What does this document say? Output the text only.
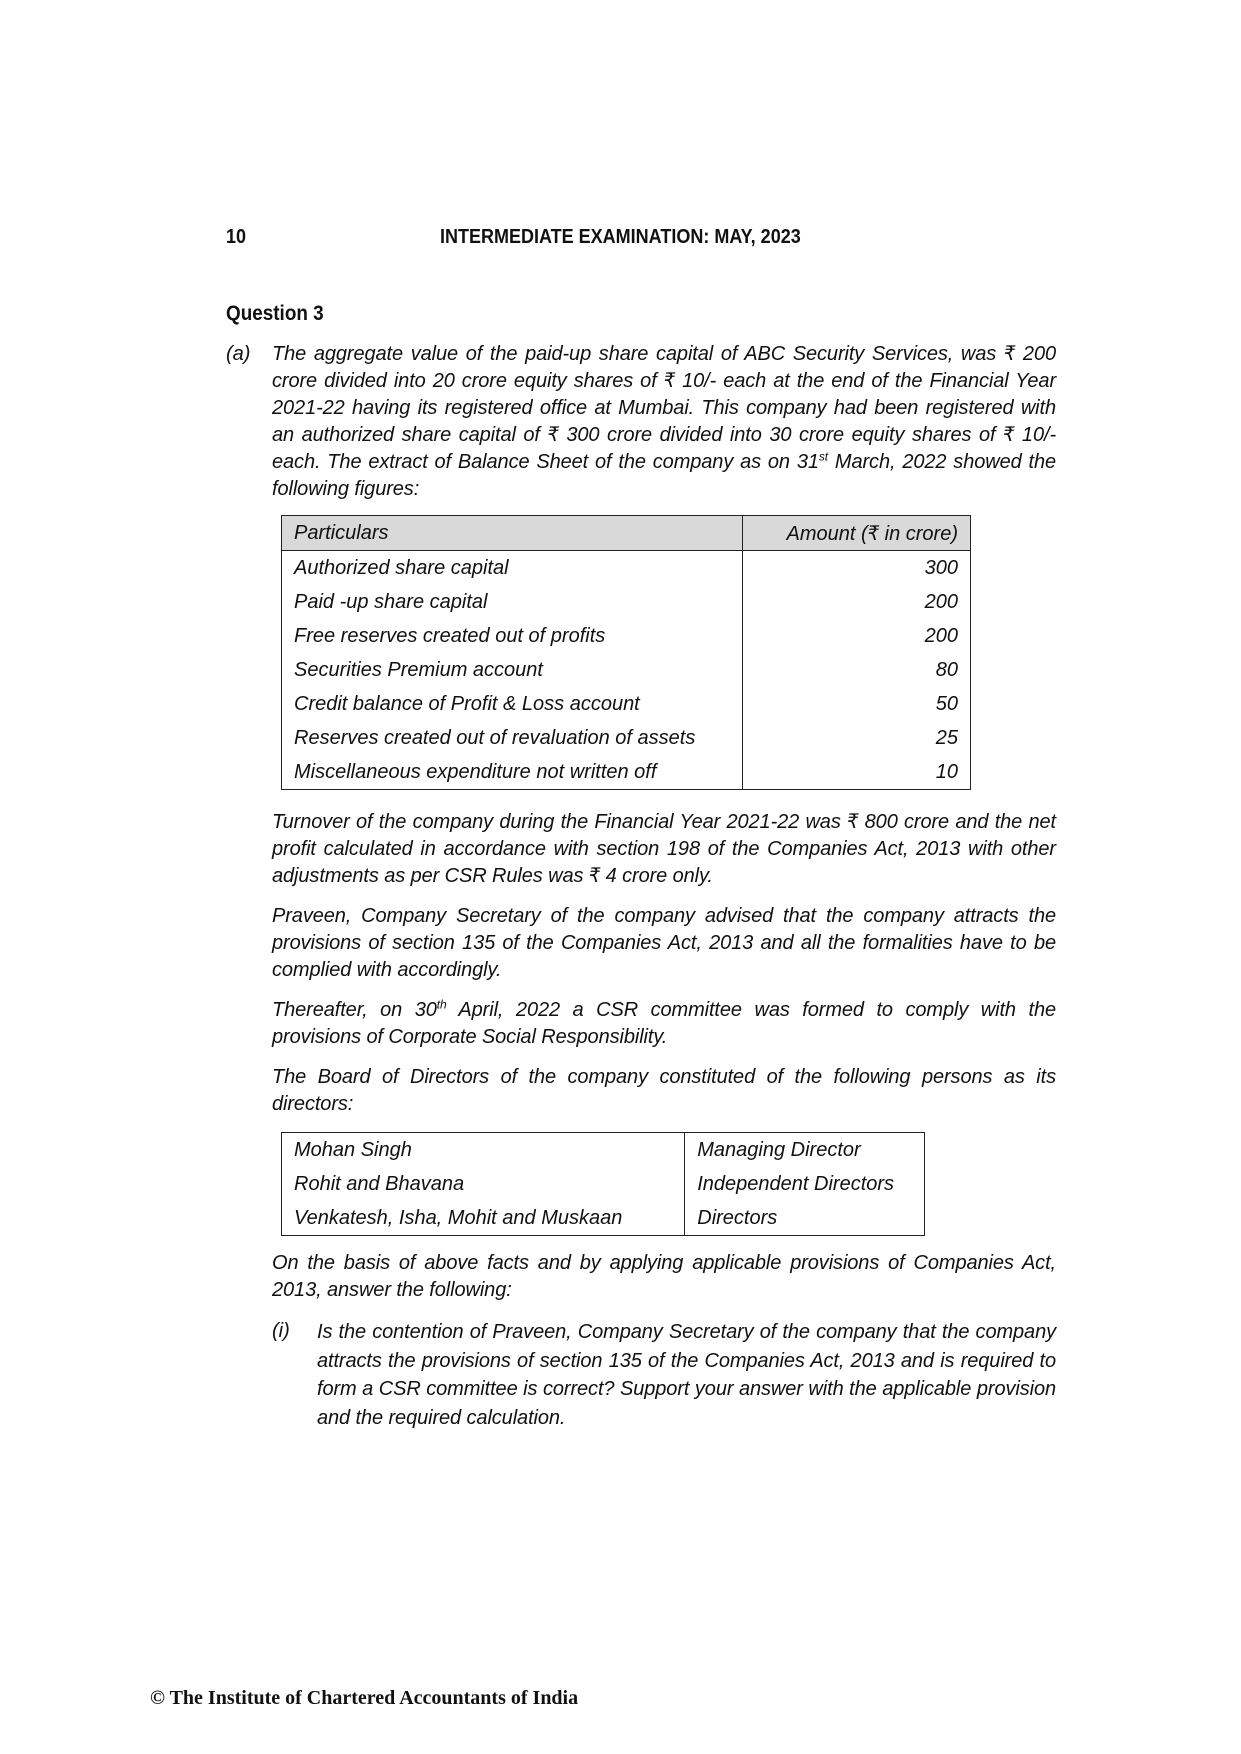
10	INTERMEDIATE EXAMINATION: MAY, 2023
Question 3
(a) The aggregate value of the paid-up share capital of ABC Security Services, was ₹ 200 crore divided into 20 crore equity shares of ₹ 10/- each at the end of the Financial Year 2021-22 having its registered office at Mumbai. This company had been registered with an authorized share capital of ₹ 300 crore divided into 30 crore equity shares of ₹ 10/- each. The extract of Balance Sheet of the company as on 31st March, 2022 showed the following figures:
Particulars	Amount (₹ in crore)
Authorized share capital	300
Paid -up share capital	200
Free reserves created out of profits	200
Securities Premium account	80
Credit balance of Profit & Loss account	50
Reserves created out of revaluation of assets	25
Miscellaneous expenditure not written off	10
Turnover of the company during the Financial Year 2021-22 was ₹ 800 crore and the net profit calculated in accordance with section 198 of the Companies Act, 2013 with other adjustments as per CSR Rules was ₹ 4 crore only.
Praveen, Company Secretary of the company advised that the company attracts the provisions of section 135 of the Companies Act, 2013 and all the formalities have to be complied with accordingly.
Thereafter, on 30th April, 2022 a CSR committee was formed to comply with the provisions of Corporate Social Responsibility.
The Board of Directors of the company constituted of the following persons as its directors:
Mohan Singh	Managing Director
Rohit and Bhavana	Independent Directors
Venkatesh, Isha, Mohit and Muskaan	Directors
On the basis of above facts and by applying applicable provisions of Companies Act, 2013, answer the following:
(i) Is the contention of Praveen, Company Secretary of the company that the company attracts the provisions of section 135 of the Companies Act, 2013 and is required to form a CSR committee is correct? Support your answer with the applicable provision and the required calculation.
© The Institute of Chartered Accountants of India
